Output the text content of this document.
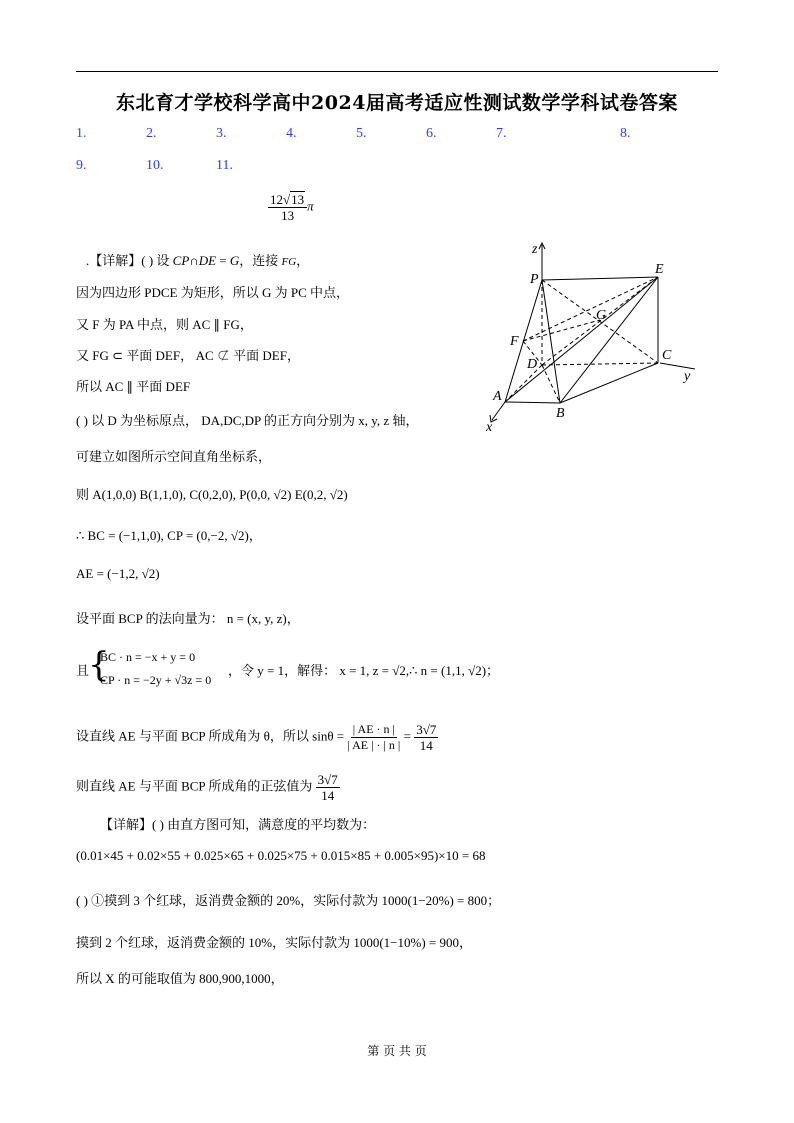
东北育才学校科学高中2024届高考适应性测试数学学科试卷答案
1.	2.	3.	4.	5.	6.	7.	8.
9.	10.	11.
$\frac{12√13}{13}$ π
.【详解】( ) 设 CP∩DE = G，连接 FG，
因为四边形 PDCE 为矩形，所以 G 为 PC 中点，
又 F 为 PA 中点，则 AC ∥ FG，
又 FG ⊂ 平面 DEF， AC ⊄ 平面 DEF，
所以 AC ∥ 平面 DEF
( ) 以 D 为坐标原点， DA,DC,DP 的正方向分别为 x, y, z 轴，
可建立如图所示空间直角坐标系，
则 A(1,0,0) B(1,1,0), C(0,2,0), P(0,0, √2) E(0,2, √2)
∴ BC = (−1,1,0), CP = (0,−2, √2)，
AE = (−1,2, √2)
设平面 BCP 的法向量为： n = (x, y, z)，
且
{
BC · n = −x + y = 0
CP · n = −2y + √3z = 0
，令 y = 1，解得： x = 1, z = √2,∴ n = (1,1, √2)；
设直线 AE 与平面 BCP 所成角为 θ，所以 $\sin\theta = \frac{| AE \cdot n |}{| AE | \cdot | n |} = \frac{3√7}{14}$
则直线 AE 与平面 BCP 所成角的正弦值为 $\frac{3√7}{14}$
【详解】( ) 由直方图可知，满意度的平均数为：
(0.01×45 + 0.02×55 + 0.025×65 + 0.025×75 + 0.015×85 + 0.005×95)×10 = 68
( ) ①摸到 3 个红球，返消费金额的 20%，实际付款为 1000(1−20%) = 800；
摸到 2 个红球，返消费金额的 10%，实际付款为 1000(1−10%) = 900，
所以 X 的可能取值为 800,900,1000，
z
P
E
G
F
D
C
y
A
B
x
第 页 共 页
